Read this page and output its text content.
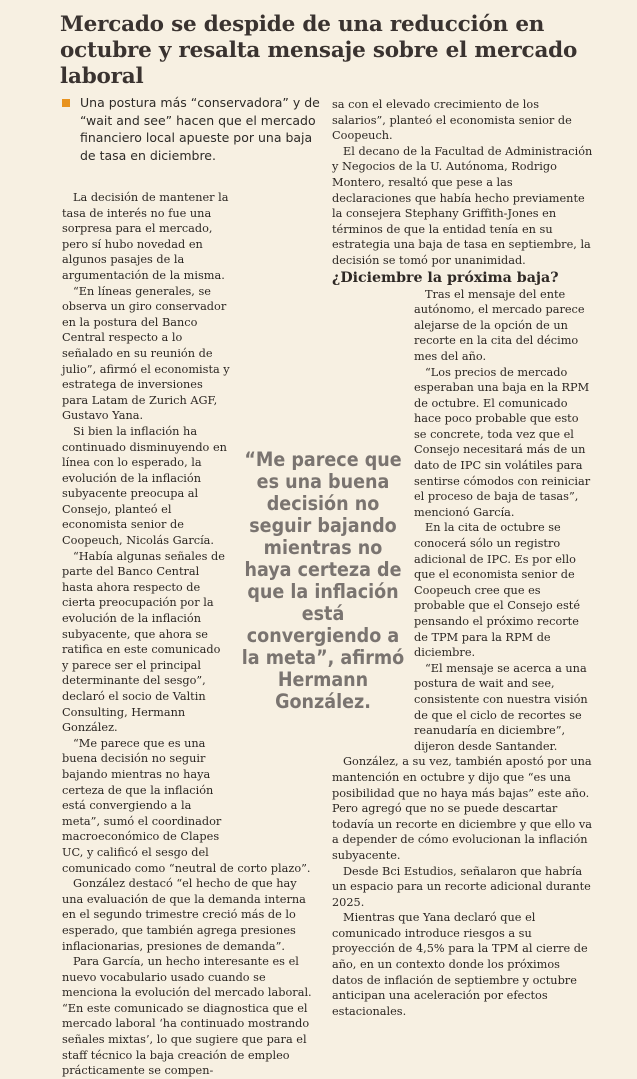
Mercado se despide de una reducción en octubre y resalta mensaje sobre el mercado laboral
Una postura más “conservadora” y de “wait and see” hacen que el mercado financiero local apueste por una baja de tasa en diciembre.

La decisión de mantener la tasa de interés no fue una sorpresa para el mercado, pero sí hubo novedad en algunos pasajes de la argumentación de la misma.

“En líneas generales, se observa un giro conservador en la postura del Banco Central respecto a lo señalado en su reunión de julio”, afirmó el economista y estratega de inversiones para Latam de Zurich AGF, Gustavo Yana.

Si bien la inflación ha continuado disminuyendo en línea con lo esperado, la evolución de la inflación subyacente preocupa al Consejo, planteó el economista senior de Coopeuch, Nicolás García.

“Había algunas señales de parte del Banco Central hasta ahora respecto de cierta preocupación por la evolución de la inflación subyacente, que ahora se ratifica en este comunicado y parece ser el principal determinante del sesgo”, declaró el socio de Valtin Consulting, Hermann González.

“Me parece que es una buena decisión no seguir bajando mientras no haya certeza de que la inflación está convergiendo a la meta”, sumó el coordinador macroeconómico de Clapes UC, y calificó el sesgo del comunicado como “neutral de corto plazo”.

González destacó “el hecho de que hay una evaluación de que la demanda interna en el segundo trimestre creció más de lo esperado, que también agrega presiones inflacionarias, presiones de demanda”.

Para García, un hecho interesante es el nuevo vocabulario usado cuando se menciona la evolución del mercado laboral. “En este comunicado se diagnostica que el mercado laboral ‘ha continuado mostrando señales mixtas’, lo que sugiere que para el staff técnico la baja creación de empleo prácticamente se compen-

sa con el elevado crecimiento de los salarios”, planteó el economista senior de Coopeuch.

El decano de la Facultad de Administración y Negocios de la U. Autónoma, Rodrigo Montero, resaltó que pese a las declaraciones que había hecho previamente la consejera Stephany Griffith-Jones en términos de que la entidad tenía en su estrategia una baja de tasa en septiembre, la decisión se tomó por unanimidad.

¿Diciembre la próxima baja?

Tras el mensaje del ente autónomo, el mercado parece alejarse de la opción de un recorte en la cita del décimo mes del año.

“Los precios de mercado esperaban una baja en la RPM de octubre. El comunicado hace poco probable que esto se concrete, toda vez que el Consejo necesitará más de un dato de IPC sin volátiles para sentirse cómodos con reiniciar el proceso de baja de tasas”, mencionó García.

En la cita de octubre se conocerá sólo un registro adicional de IPC. Es por ello que el economista senior de Coopeuch cree que es probable que el Consejo esté pensando el próximo recorte de TPM para la RPM de diciembre.

“El mensaje se acerca a una postura de wait and see, consistente con nuestra visión de que el ciclo de recortes se reanudaría en diciembre”, dijeron desde Santander.

González, a su vez, también apostó por una mantención en octubre y dijo que “es una posibilidad que no haya más bajas” este año. Pero agregó que no se puede descartar todavía un recorte en diciembre y que ello va a depender de cómo evolucionan la inflación subyacente.

Desde Bci Estudios, señalaron que habría un espacio para un recorte adicional durante 2025.

Mientras que Yana declaró que el comunicado introduce riesgos a su proyección de 4,5% para la TPM al cierre de año, en un contexto donde los próximos datos de inflación de septiembre y octubre anticipan una aceleración por efectos estacionales.

“Me parece que es una buena decisión no seguir bajando mientras no haya certeza de que la inflación está convergiendo a la meta”, afirmó Hermann González.
